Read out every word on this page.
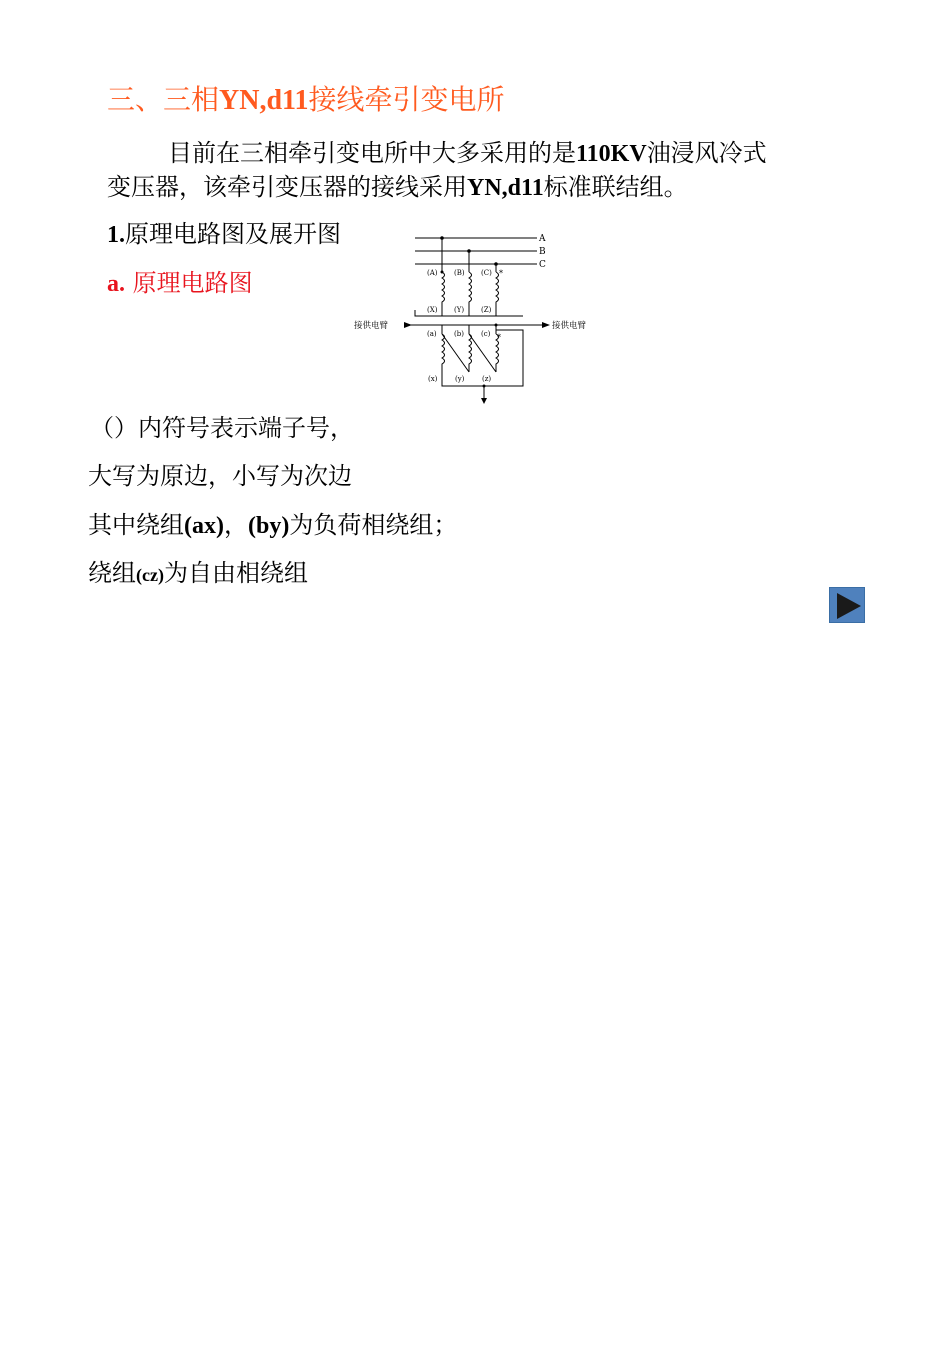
三、三相YN,d11接线牵引变电所
目前在三相牵引变电所中大多采用的是110KV油浸风冷式
变压器，该牵引变压器的接线采用YN,d11标准联结组。
1.原理电路图及展开图
a. 原理电路图
A
B
C
(A) (B) (C) *
(X) (Y) (Z)
接供电臂	接供电臂
(a) (b) (c) *
(x)	(y)	(z)
（）内符号表示端子号，
大写为原边，小写为次边
其中绕组(ax)，(by)为负荷相绕组；
绕组(cz)为自由相绕组
